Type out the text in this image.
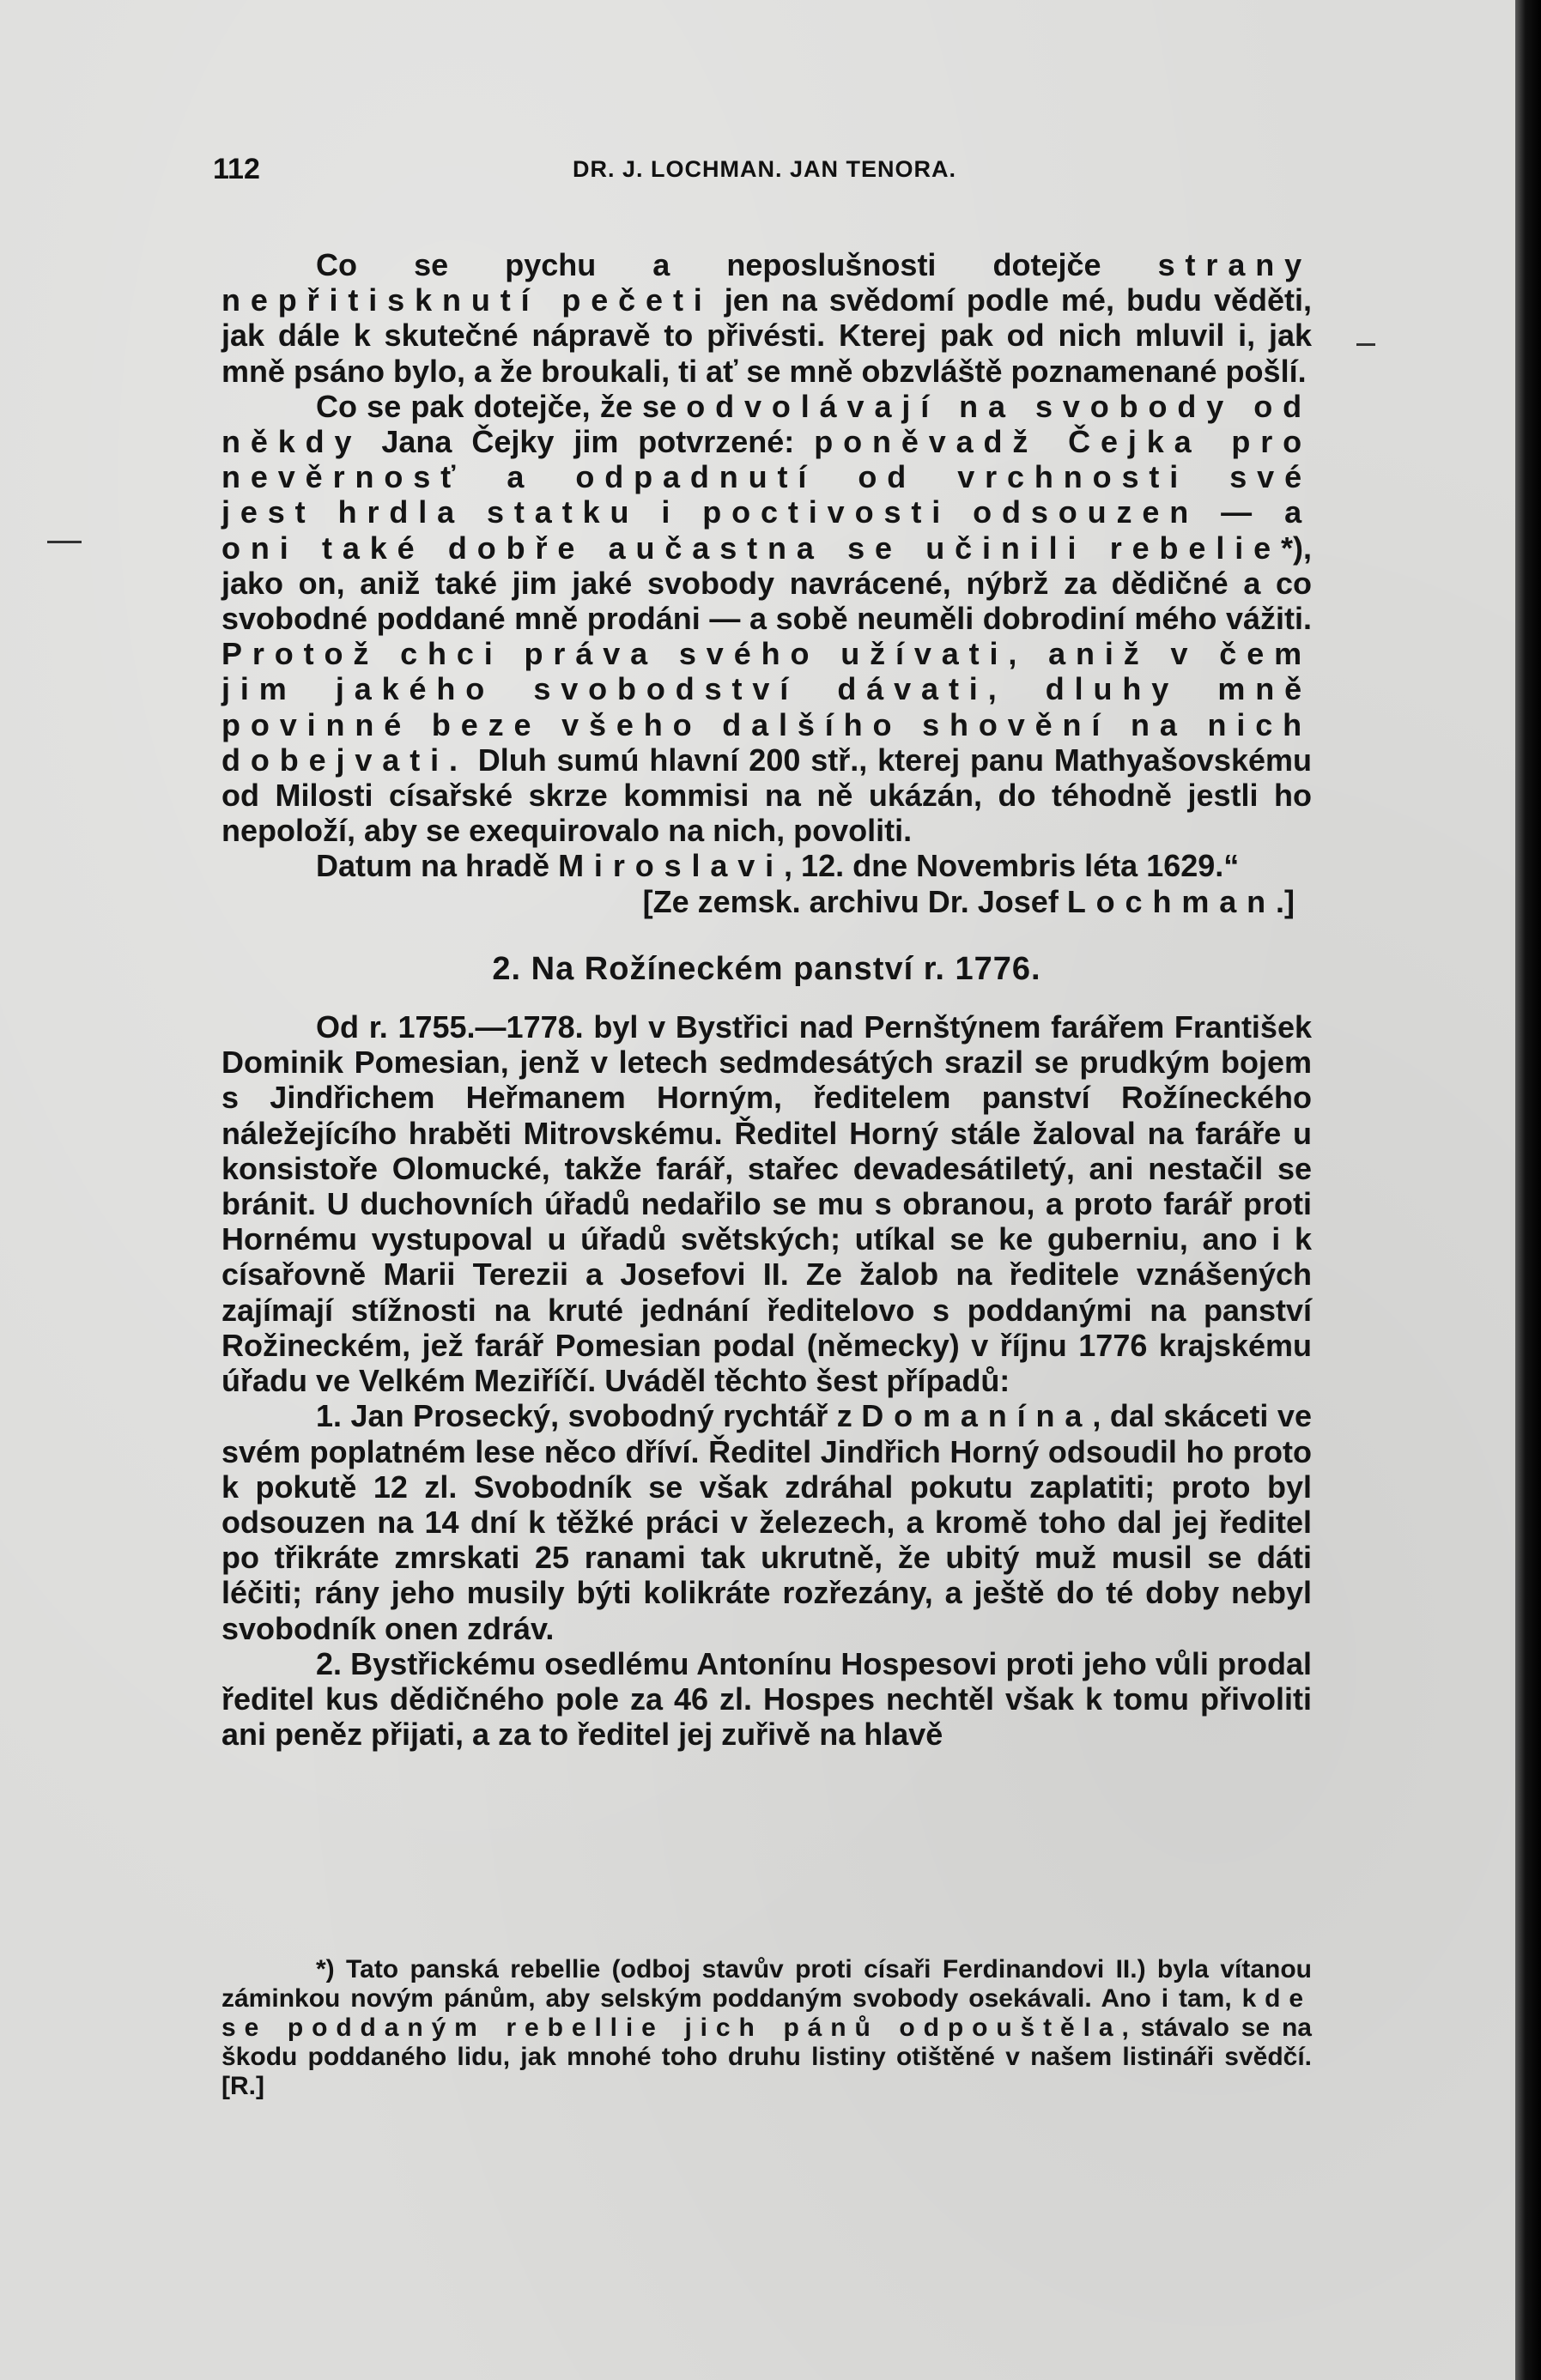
112	DR. J. LOCHMAN. JAN TENORA.

Co se pychu a neposlušnosti dotejče strany nepřitisknutí pečeti jen na svědomí podle mé, budu věděti, jak dále k skutečné nápravě to přivésti. Kterej pak od nich mluvil i, jak mně psáno bylo, a že broukali, ti ať se mně obzvláště poznamenané pošlí.

Co se pak dotejče, že se odvolávají na svobody od někdy Jana Čejky jim potvrzené: poněvadž Čejka pro nevěrnosť a odpadnutí od vrchnosti své jest hrdla statku i poctivosti odsouzen — a oni také dobře aučastna se učinili rebelie*), jako on, aniž také jim jaké svobody navrácené, nýbrž za dědičné a co svobodné poddané mně prodáni — a sobě neuměli dobrodiní mého vážiti. Protož chci práva svého užívati, aniž v čem jim jakého svobodství dávati, dluhy mně povinné beze všeho dalšího shovění na nich dobejvati. Dluh sumú hlavní 200 stř., kterej panu Mathyašovskému od Milosti císařské skrze kommisi na ně ukázán, do téhodně jestli ho nepoloží, aby se exequirovalo na nich, povoliti.

Datum na hradě Miroslavi, 12. dne Novembris léta 1629.“

[Ze zemsk. archivu Dr. Josef Lochman.]

2. Na Rožíneckém panství r. 1776.

Od r. 1755.—1778. byl v Bystřici nad Pernštýnem farářem František Dominik Pomesian, jenž v letech sedmdesátých srazil se prudkým bojem s Jindřichem Heřmanem Horným, ředitelem panství Rožíneckého náležejícího hraběti Mitrovskému. Ředitel Horný stále žaloval na faráře u konsistoře Olomucké, takže farář, stařec devadesátiletý, ani nestačil se bránit. U duchovních úřadů nedařilo se mu s obranou, a proto farář proti Hornému vystupoval u úřadů světských; utíkal se ke guberniu, ano i k císařovně Marii Terezii a Josefovi II. Ze žalob na ředitele vznášených zajímají stížnosti na kruté jednání ředitelovo s poddanými na panství Rožineckém, jež farář Pomesian podal (německy) v říjnu 1776 krajskému úřadu ve Velkém Meziříčí. Uváděl těchto šest případů:

1. Jan Prosecký, svobodný rychtář z Domanína, dal skáceti ve svém poplatném lese něco dříví. Ředitel Jindřich Horný odsoudil ho proto k pokutě 12 zl. Svobodník se však zdráhal pokutu zaplatiti; proto byl odsouzen na 14 dní k těžké práci v železech, a kromě toho dal jej ředitel po třikráte zmrskati 25 ranami tak ukrutně, že ubitý muž musil se dáti léčiti; rány jeho musily býti kolikráte rozřezány, a ještě do té doby nebyl svobodník onen zdráv.

2. Bystřickému osedlému Antonínu Hospesovi proti jeho vůli prodal ředitel kus dědičného pole za 46 zl. Hospes nechtěl však k tomu přivoliti ani peněz přijati, a za to ředitel jej zuřivě na hlavě

*) Tato panská rebellie (odboj stavův proti císaři Ferdinandovi II.) byla vítanou záminkou novým pánům, aby selským poddaným svobody osekávali. Ano i tam, kde se poddaným rebellie jich pánů odpouštěla, stávalo se na škodu poddaného lidu, jak mnohé toho druhu listiny otištěné v našem listináři svědčí. [R.]
